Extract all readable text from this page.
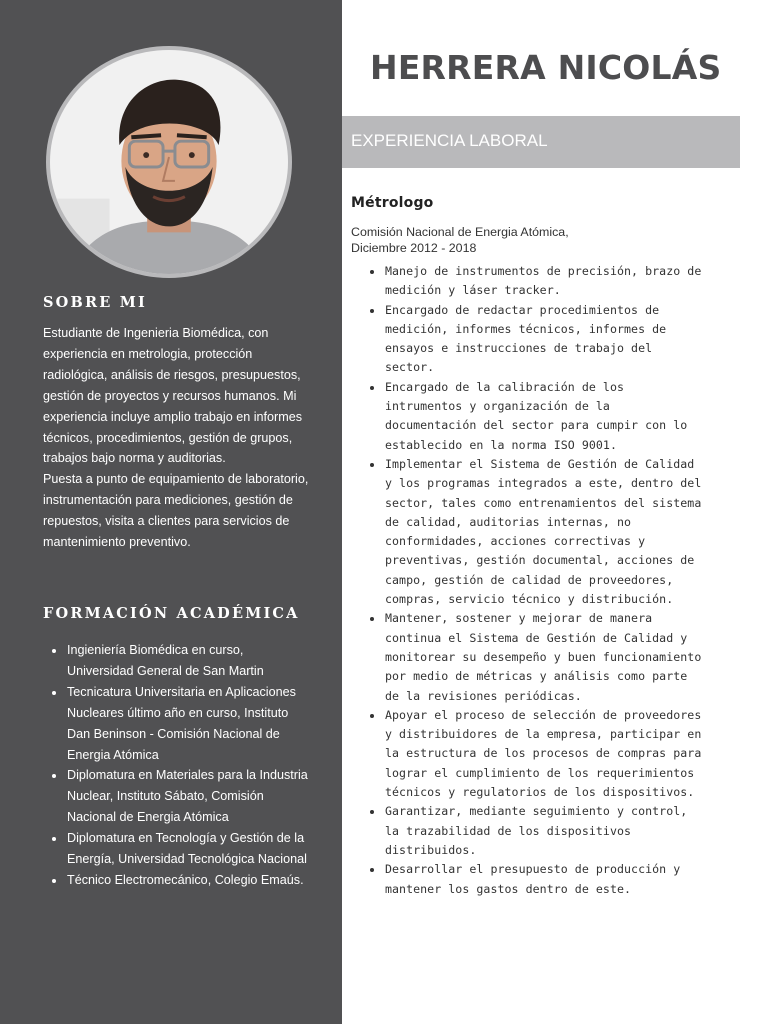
SOBRE MI

Estudiante de Ingenieria Biomédica, con experiencia en metrologia, protección radiológica, análisis de riesgos, presupuestos, gestión de proyectos y recursos humanos. Mi experiencia incluye amplio trabajo en informes técnicos, procedimientos, gestión de grupos, trabajos bajo norma y auditorias.

Puesta a punto de equipamiento de laboratorio, instrumentación para mediciones, gestión de repuestos, visita a clientes para servicios de mantenimiento preventivo.

FORMACIÓN ACADÉMICA
Ingieniería Biomédica en curso, Universidad General de San Martin
Tecnicatura Universitaria en Aplicaciones Nucleares último año en curso, Instituto Dan Beninson - Comisión Nacional de Energia Atómica
Diplomatura en Materiales para la Industria Nuclear, Instituto Sábato, Comisión Nacional de Energia Atómica
Diplomatura en Tecnología y Gestión de la Energía, Universidad Tecnológica Nacional
Técnico Electromecánico, Colegio Emaús.
HERRERA NICOLÁS
EXPERIENCIA LABORAL
Métrologo
Comisión Nacional de Energia Atómica,
Diciembre 2012 - 2018
Manejo de instrumentos de precisión, brazo de medición y láser tracker.
Encargado de redactar procedimientos de medición, informes técnicos, informes de ensayos e instrucciones de trabajo del sector.
Encargado de la calibración de los intrumentos y organización de la documentación del sector para cumpir con lo establecido en la norma ISO 9001.
Implementar el Sistema de Gestión de Calidad y los programas integrados a este, dentro del sector, tales como entrenamientos del sistema de calidad, auditorias internas, no conformidades, acciones correctivas y preventivas, gestión documental, acciones de campo, gestión de calidad de proveedores, compras, servicio técnico y distribución.
Mantener, sostener y mejorar de manera continua el Sistema de Gestión de Calidad y monitorear su desempeño y buen funcionamiento por medio de métricas y análisis como parte de la revisiones periódicas.
Apoyar el proceso de selección de proveedores y distribuidores de la empresa, participar en la estructura de los procesos de compras para lograr el cumplimiento de los requerimientos técnicos y regulatorios de los dispositivos.
Garantizar, mediante seguimiento y control, la trazabilidad de los dispositivos distribuidos.
Desarrollar el presupuesto de producción y mantener los gastos dentro de este.
